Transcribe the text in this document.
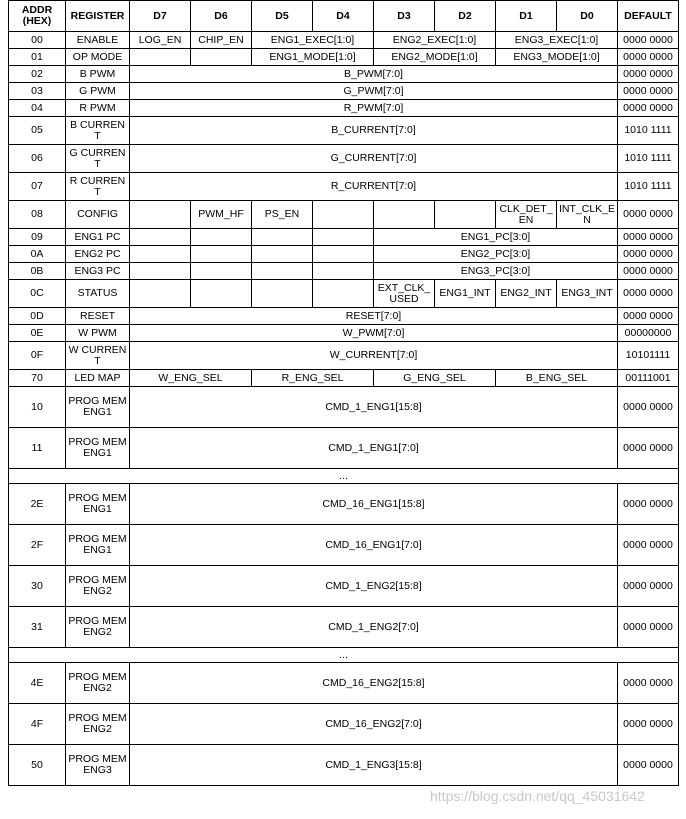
ADDR (HEX)	REGISTER	D7	D6	D5	D4	D3	D2	D1	D0	DEFAULT
00	ENABLE	LOG_EN	CHIP_EN	ENG1_EXEC[1:0]		ENG2_EXEC[1:0]		ENG3_EXEC[1:0]		0000 0000
01	OP MODE			ENG1_MODE[1:0]		ENG2_MODE[1:0]		ENG3_MODE[1:0]		0000 0000
02	B PWM	B_PWM[7:0]								0000 0000
03	G PWM	G_PWM[7:0]								0000 0000
04	R PWM	R_PWM[7:0]								0000 0000
05	B CURRENT	B_CURRENT[7:0]								1010 1111
06	G CURRENT	G_CURRENT[7:0]								1010 1111
07	R CURRENT	R_CURRENT[7:0]								1010 1111
08	CONFIG		PWM_HF	PS_EN				CLK_DET_EN	INT_CLK_EN	0000 0000
09	ENG1 PC					ENG1_PC[3:0]				0000 0000
0A	ENG2 PC					ENG2_PC[3:0]				0000 0000
0B	ENG3 PC					ENG3_PC[3:0]				0000 0000
0C	STATUS					EXT_CLK_USED	ENG1_INT	ENG2_INT	ENG3_INT	0000 0000
0D	RESET	RESET[7:0]								0000 0000
0E	W PWM	W_PWM[7:0]								00000000
0F	W CURRENT	W_CURRENT[7:0]								10101111
70	LED MAP	W_ENG_SEL		R_ENG_SEL		G_ENG_SEL		B_ENG_SEL		00111001
10	PROG MEM ENG1	CMD_1_ENG1[15:8]								0000 0000
11	PROG MEM ENG1	CMD_1_ENG1[7:0]								0000 0000
...										
2E	PROG MEM ENG1	CMD_16_ENG1[15:8]								0000 0000
2F	PROG MEM ENG1	CMD_16_ENG1[7:0]								0000 0000
30	PROG MEM ENG2	CMD_1_ENG2[15:8]								0000 0000
31	PROG MEM ENG2	CMD_1_ENG2[7:0]								0000 0000
...										
4E	PROG MEM ENG2	CMD_16_ENG2[15:8]								0000 0000
4F	PROG MEM ENG2	CMD_16_ENG2[7:0]								0000 0000
50	PROG MEM ENG3	CMD_1_ENG3[15:8]								0000 0000
https://blog.csdn.net/qq_45031642
